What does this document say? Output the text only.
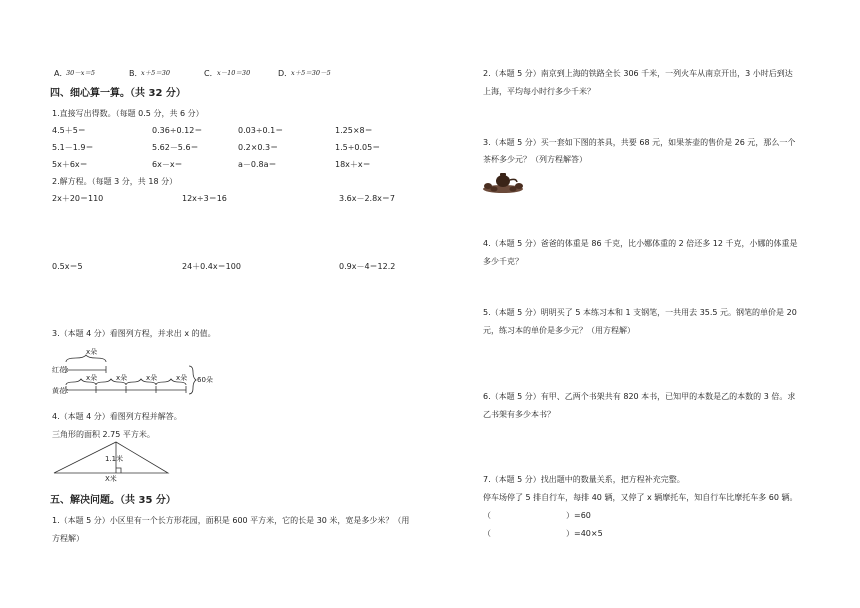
A．
30－x＝5	B．
x＋5＝30	C． x－10＝30	D．
x＋5＝30－5
四、细心算一算。（共 32 分）
1.直接写出得数。（每题 0.5 分，共 6 分）
4.5＋5＝	0.36÷0.12＝	0.03÷0.1＝	1.25×8＝
5.1－1.9＝	5.62－5.6＝	0.2×0.3＝	1.5÷0.05＝
5x＋6x＝	6x－x＝	a－0.8a＝	18x＋x＝
2.解方程。（每题 3 分，共 18 分）
2x＋20＝110	12x÷3＝16	3.6x－2.8x＝7
0.5x＝5	24＋0.4x＝100	0.9x－4＝12.2
3.（本题 4 分）看图列方程，并求出 x 的值。
x朵
红花：
黄花：
x朵	x朵	x朵	x朵 60朵
4.（本题 4 分）看图列方程并解答。
三角形的面积 2.75 平方米。
1.1米
X米
五、解决问题。（共 35 分）
1.（本题 5 分）小区里有一个长方形花园，面积是 600 平方米，它的长是 30 米，宽是多少米？（用
方程解）
2.（本题 5 分）南京到上海的铁路全长 306 千米，一列火车从南京开出，3 小时后到达
上海，平均每小时行多少千米？
3.（本题 5 分）买一套如下图的茶具，共要 68 元，如果茶壶的售价是 26 元，那么一个
茶杯多少元？（列方程解答）
4.（本题 5 分）爸爸的体重是 86 千克，比小娜体重的 2 倍还多 12 千克，小娜的体重是
多少千克？
5.（本题 5 分）明明买了 5 本练习本和 1 支钢笔，一共用去 35.5 元。钢笔的单价是 20
元，练习本的单价是多少元？（用方程解）
6.（本题 5 分）有甲、乙两个书架共有 820 本书，已知甲的本数是乙的本数的 3 倍。求
乙书架有多少本书？
7.（本题 5 分）找出题中的数量关系，把方程补充完整。
停车场停了 5 排自行车，每排 40 辆，又停了 x 辆摩托车，知自行车比摩托车多 60 辆。
（	）=60
（	）=40×5
